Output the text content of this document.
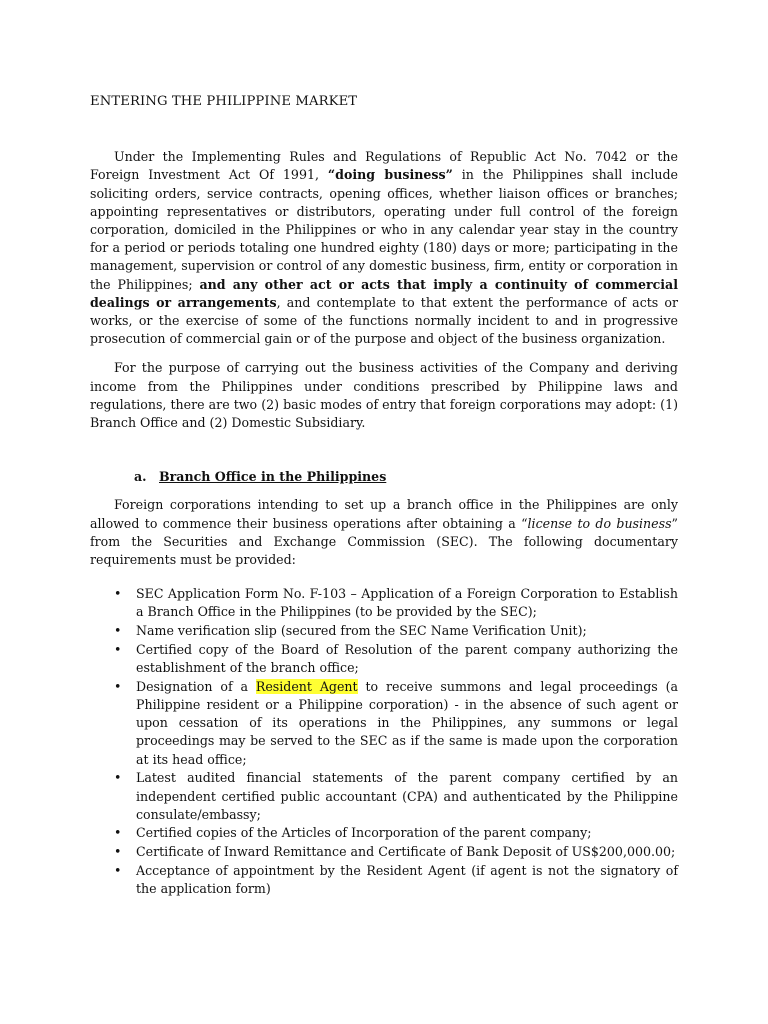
ENTERING THE PHILIPPINE MARKET

Under the Implementing Rules and Regulations of Republic Act No. 7042 or the Foreign Investment Act Of 1991, “doing business” in the Philippines shall include soliciting orders, service contracts, opening offices, whether liaison offices or branches; appointing representatives or distributors, operating under full control of the foreign corporation, domiciled in the Philippines or who in any calendar year stay in the country for a period or periods totaling one hundred eighty (180) days or more; participating in the management, supervision or control of any domestic business, firm, entity or corporation in the Philippines; and any other act or acts that imply a continuity of commercial dealings or arrangements, and contemplate to that extent the performance of acts or works, or the exercise of some of the functions normally incident to and in progressive prosecution of commercial gain or of the purpose and object of the business organization.

For the purpose of carrying out the business activities of the Company and deriving income from the Philippines under conditions prescribed by Philippine laws and regulations, there are two (2) basic modes of entry that foreign corporations may adopt: (1) Branch Office and (2) Domestic Subsidiary.

a. Branch Office in the Philippines

Foreign corporations intending to set up a branch office in the Philippines are only allowed to commence their business operations after obtaining a “license to do business” from the Securities and Exchange Commission (SEC). The following documentary requirements must be provided:

• SEC Application Form No. F-103 – Application of a Foreign Corporation to Establish a Branch Office in the Philippines (to be provided by the SEC);
• Name verification slip (secured from the SEC Name Verification Unit);
• Certified copy of the Board of Resolution of the parent company authorizing the establishment of the branch office;
• Designation of a Resident Agent to receive summons and legal proceedings (a Philippine resident or a Philippine corporation) - in the absence of such agent or upon cessation of its operations in the Philippines, any summons or legal proceedings may be served to the SEC as if the same is made upon the corporation at its head office;
• Latest audited financial statements of the parent company certified by an independent certified public accountant (CPA) and authenticated by the Philippine consulate/embassy;
• Certified copies of the Articles of Incorporation of the parent company;
• Certificate of Inward Remittance and Certificate of Bank Deposit of US$200,000.00;
• Acceptance of appointment by the Resident Agent (if agent is not the signatory of the application form)
